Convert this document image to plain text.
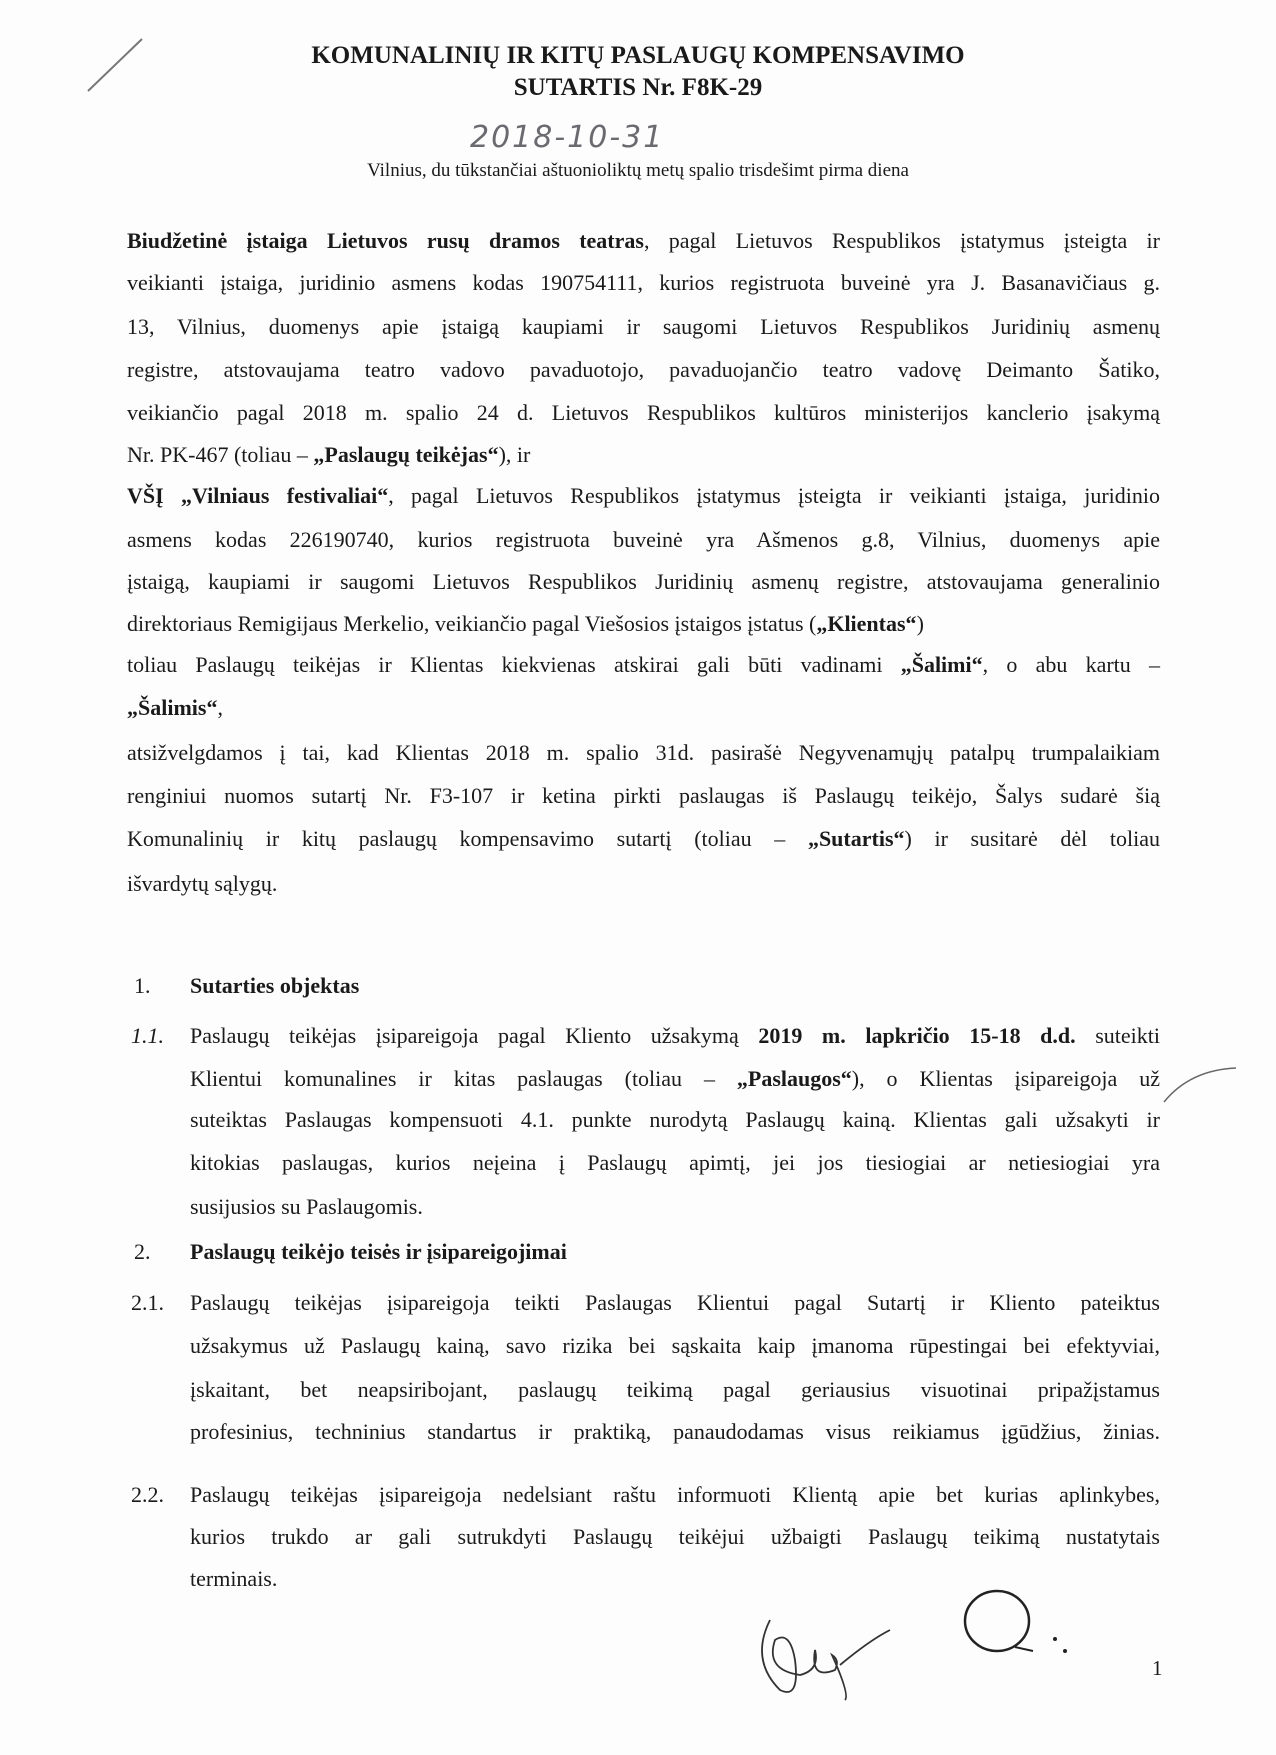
KOMUNALINIŲ IR KITŲ PASLAUGŲ KOMPENSAVIMO
SUTARTIS Nr. F8K-29
2018-10-31
Vilnius, du tūkstančiai aštuonioliktų metų spalio trisdešimt pirma diena
Biudžetinė įstaiga Lietuvos rusų dramos teatras, pagal Lietuvos Respublikos įstatymus įsteigta ir
veikianti įstaiga, juridinio asmens kodas 190754111, kurios registruota buveinė yra J. Basanavičiaus g.
13, Vilnius, duomenys apie įstaigą kaupiami ir saugomi Lietuvos Respublikos Juridinių asmenų
registre, atstovaujama teatro vadovo pavaduotojo, pavaduojančio teatro vadovę Deimanto Šatiko,
veikiančio pagal 2018 m. spalio 24 d. Lietuvos Respublikos kultūros ministerijos kanclerio įsakymą
Nr. PK-467 (toliau – „Paslaugų teikėjas“), ir
VŠĮ „Vilniaus festivaliai“, pagal Lietuvos Respublikos įstatymus įsteigta ir veikianti įstaiga, juridinio
asmens kodas 226190740, kurios registruota buveinė yra Ašmenos g.8, Vilnius, duomenys apie
įstaigą, kaupiami ir saugomi Lietuvos Respublikos Juridinių asmenų registre, atstovaujama generalinio
direktoriaus Remigijaus Merkelio, veikiančio pagal Viešosios įstaigos įstatus („Klientas“)
toliau Paslaugų teikėjas ir Klientas kiekvienas atskirai gali būti vadinami „Šalimi“, o abu kartu –
„Šalimis“,
atsižvelgdamos į tai, kad Klientas 2018 m. spalio 31d. pasirašė Negyvenamųjų patalpų trumpalaikiam
renginiui nuomos sutartį Nr. F3-107 ir ketina pirkti paslaugas iš Paslaugų teikėjo, Šalys sudarė šią
Komunalinių ir kitų paslaugų kompensavimo sutartį (toliau – „Sutartis“) ir susitarė dėl toliau
išvardytų sąlygų.
Sutarties objektas
Paslaugų teikėjas įsipareigoja pagal Kliento užsakymą 2019 m. lapkričio 15-18 d.d. suteikti
Klientui komunalines ir kitas paslaugas (toliau – „Paslaugos“), o Klientas įsipareigoja už
suteiktas Paslaugas kompensuoti 4.1. punkte nurodytą Paslaugų kainą. Klientas gali užsakyti ir
kitokias paslaugas, kurios neįeina į Paslaugų apimtį, jei jos tiesiogiai ar netiesiogiai yra
susijusios su Paslaugomis.
Paslaugų teikėjo teisės ir įsipareigojimai
Paslaugų teikėjas įsipareigoja teikti Paslaugas Klientui pagal Sutartį ir Kliento pateiktus
užsakymus už Paslaugų kainą, savo rizika bei sąskaita kaip įmanoma rūpestingai bei efektyviai,
įskaitant, bet neapsiribojant, paslaugų teikimą pagal geriausius visuotinai pripažįstamus
profesinius, techninius standartus ir praktiką, panaudodamas visus reikiamus įgūdžius, žinias.
Paslaugų teikėjas įsipareigoja nedelsiant raštu informuoti Klientą apie bet kurias aplinkybes,
kurios trukdo ar gali sutrukdyti Paslaugų teikėjui užbaigti Paslaugų teikimą nustatytais
terminais.
1.
1.1.
2.
2.1.
2.2.
1
